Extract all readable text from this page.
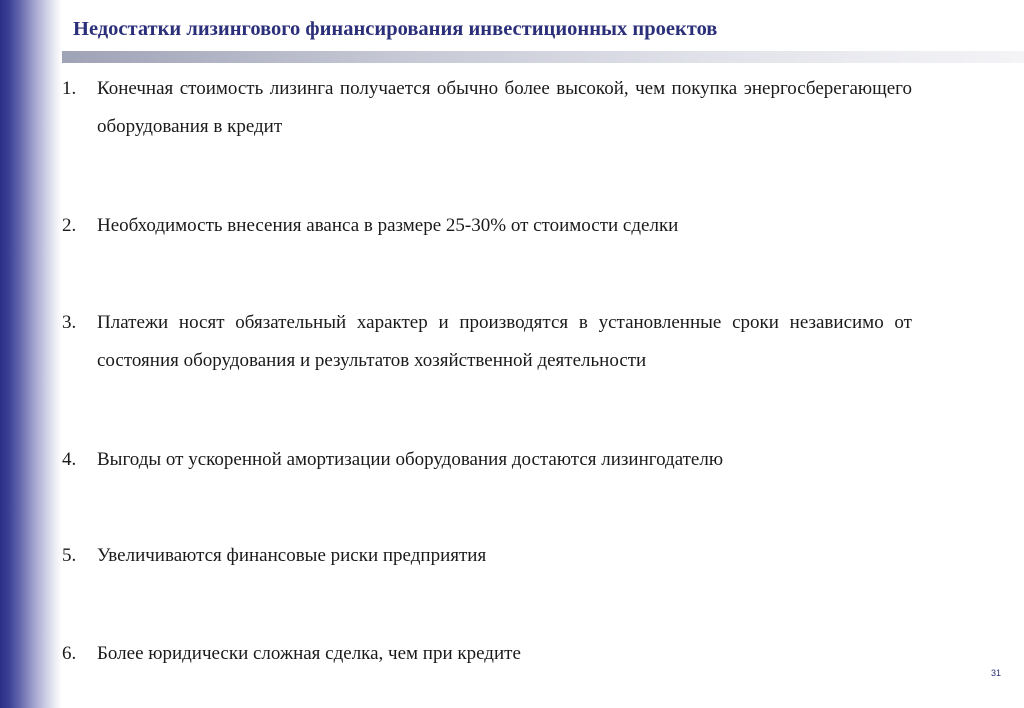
Недостатки лизингового финансирования инвестиционных проектов
1.	Конечная стоимость лизинга получается обычно более высокой, чем покупка энергосберегающего оборудования в кредит
2.	Необходимость внесения аванса в размере 25-30% от стоимости сделки
3.	Платежи носят обязательный характер и производятся в установленные сроки независимо от состояния оборудования и результатов хозяйственной деятельности
4.	Выгоды от ускоренной амортизации оборудования достаются лизингодателю
5.	Увеличиваются финансовые риски предприятия
6.	Более юридически сложная сделка, чем при кредите
31
